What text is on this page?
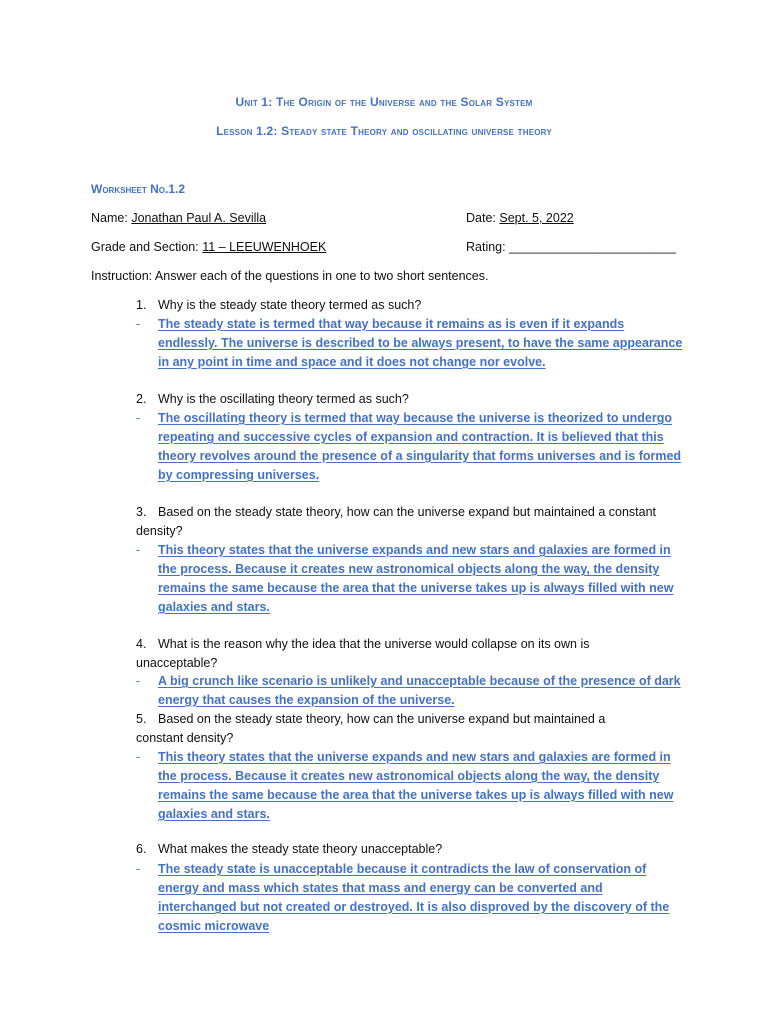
Unit 1: The Origin of the Universe and the Solar System
Lesson 1.2: Steady state Theory and oscillating universe theory
Worksheet No.1.2
Name: Jonathan Paul A. Sevilla	Date: Sept. 5, 2022
Grade and Section: 11 – LEEUWENHOEK	Rating: ________________________
Instruction: Answer each of the questions in one to two short sentences.
1. Why is the steady state theory termed as such?
- The steady state is termed that way because it remains as is even if it expands endlessly. The universe is described to be always present, to have the same appearance in any point in time and space and it does not change nor evolve.
2. Why is the oscillating theory termed as such?
- The oscillating theory is termed that way because the universe is theorized to undergo repeating and successive cycles of expansion and contraction. It is believed that this theory revolves around the presence of a singularity that forms universes and is formed by compressing universes.
3. Based on the steady state theory, how can the universe expand but maintained a constant density?
- This theory states that the universe expands and new stars and galaxies are formed in the process. Because it creates new astronomical objects along the way, the density remains the same because the area that the universe takes up is always filled with new galaxies and stars.
4. What is the reason why the idea that the universe would collapse on its own is unacceptable?
- A big crunch like scenario is unlikely and unacceptable because of the presence of dark energy that causes the expansion of the universe.
5. Based on the steady state theory, how can the universe expand but maintained a constant density?
- This theory states that the universe expands and new stars and galaxies are formed in the process. Because it creates new astronomical objects along the way, the density remains the same because the area that the universe takes up is always filled with new galaxies and stars.
6. What makes the steady state theory unacceptable?
- The steady state is unacceptable because it contradicts the law of conservation of energy and mass which states that mass and energy can be converted and interchanged but not created or destroyed. It is also disproved by the discovery of the cosmic microwave
